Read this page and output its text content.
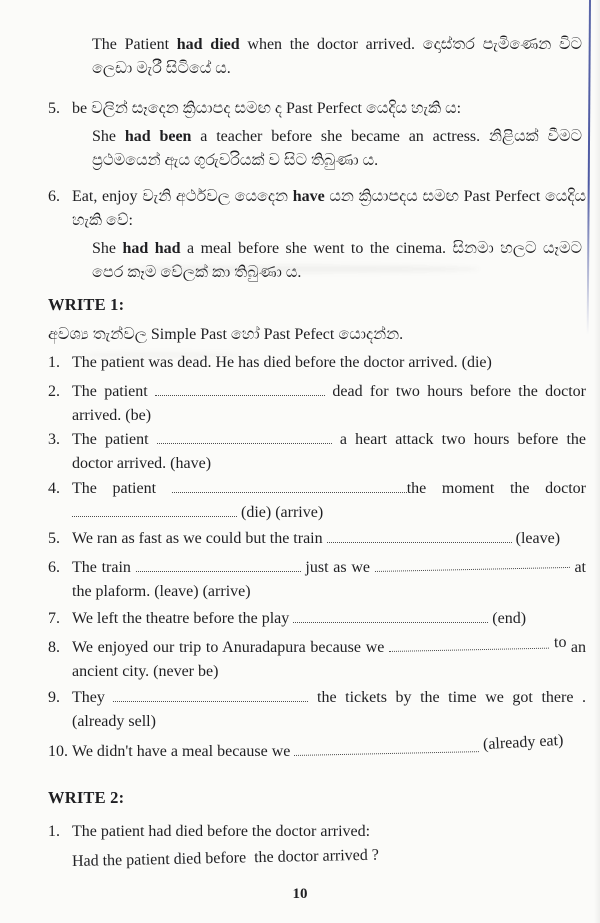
The Patient had died when the doctor arrived. දොස්තර පැමිණෙන විට ලෙඩා මැරී සිටියේ ය.

5. be වලින් සෑදෙන ක්‍රියාපද සමඟ ද Past Perfect යෙදිය හැකි ය:

She had been a teacher before she became an actress. නිළියක් වීමට ප්‍රථමයෙන් ඇය ගුරුවරියක් ව සිට තිබුණා ය.

6. Eat, enjoy වැනි අර්ථවල යෙදෙන have යන ක්‍රියාපදය සමඟ Past Perfect යෙදිය හැකි වේ:

She had had a meal before she went to the cinema. සිනමා හලට යෑමට පෙර කෑම වේලක් කා තිබුණා ය.

WRITE 1:

අවශ්‍ය තැන්වල Simple Past හෝ Past Pefect යොදන්න.

1. The patient was dead. He has died before the doctor arrived. (die)

2. The patient	dead for two hours before the doctor arrived. (be)

3. The patient	a heart attack two hours before the doctor arrived. (have)

4. The patient	the moment the doctor  (die) (arrive)

5. We ran as fast as we could but the train	(leave)

6. The train	just as we	at the plaform. (leave) (arrive)

7. We left the theatre before the play	(end)

8. We enjoyed our trip to Anuradapura because we	to an ancient city. (never be)

9. They	the tickets by the time we got there . (already sell)

10. We didn't have a meal because we	(already eat)

WRITE 2:
1. The patient had died before the doctor arrived:

Had the patient died before  the doctor arrived ?

10
